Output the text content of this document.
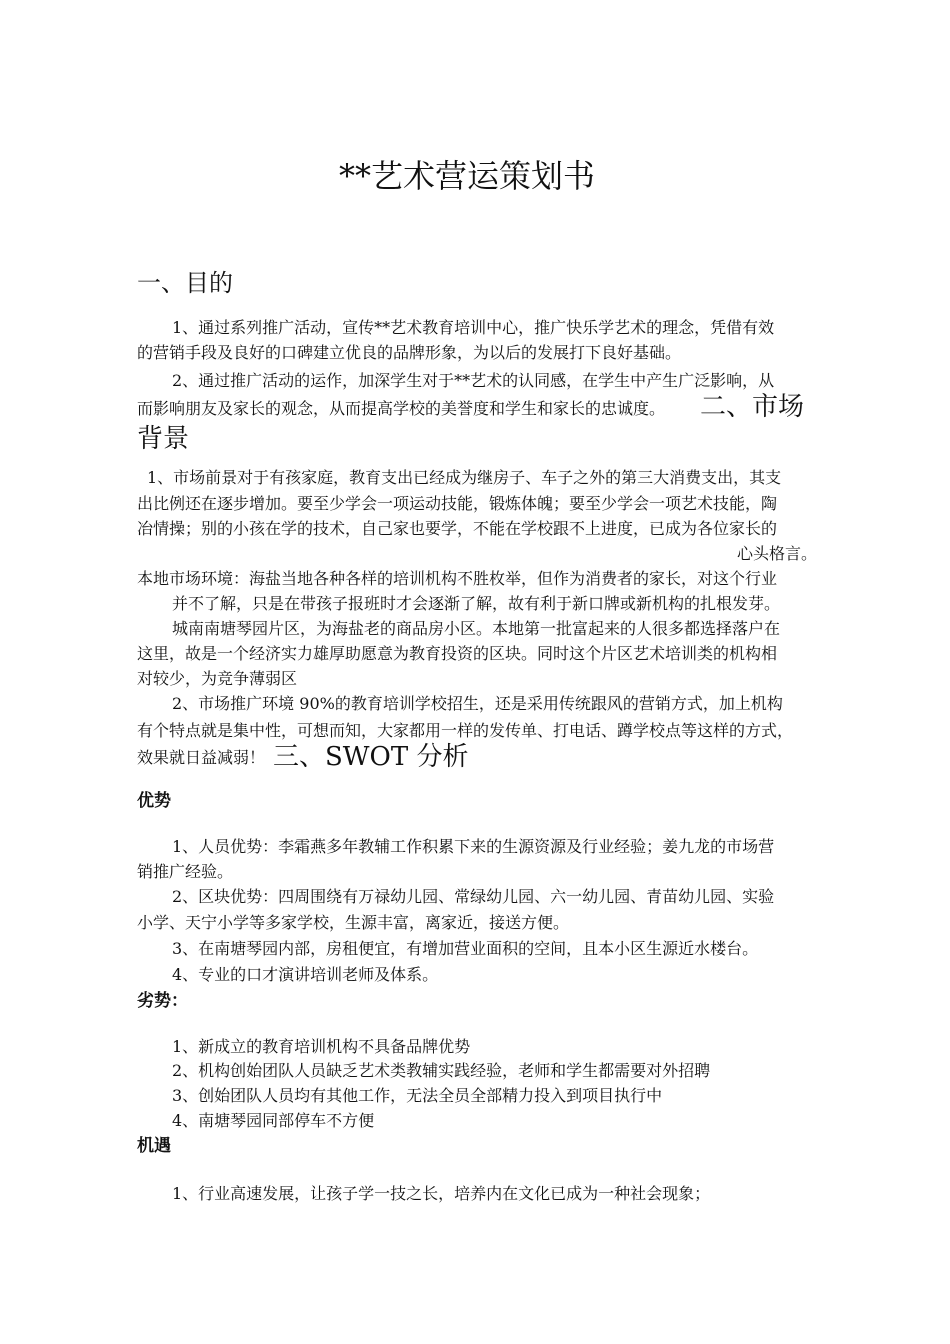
**艺术营运策划书
一、目的
1、通过系列推广活动，宣传**艺术教育培训中心，推广快乐学艺术的理念，凭借有效
的营销手段及良好的口碑建立优良的品牌形象，为以后的发展打下良好基础。
2、通过推广活动的运作，加深学生对于**艺术的认同感，在学生中产生广泛影响，从
而影响朋友及家长的观念，从而提高学校的美誉度和学生和家长的忠诚度。 二、市场
背景
1、市场前景对于有孩家庭，教育支出已经成为继房子、车子之外的第三大消费支出，其支
出比例还在逐步增加。要至少学会一项运动技能，锻炼体魄；要至少学会一项艺术技能，陶
冶情操；别的小孩在学的技术，自己家也要学，不能在学校跟不上进度，已成为各位家长的
心头格言。
本地市场环境：海盐当地各种各样的培训机构不胜枚举，但作为消费者的家长，对这个行业
并不了解，只是在带孩子报班时才会逐渐了解，故有利于新口牌或新机构的扎根发芽。
城南南塘琴园片区，为海盐老的商品房小区。本地第一批富起来的人很多都选择落户在
这里，故是一个经济实力雄厚助愿意为教育投资的区块。同时这个片区艺术培训类的机构相
对较少，为竞争薄弱区
2、市场推广环境 90%的教育培训学校招生，还是采用传统跟风的营销方式，加上机构
有个特点就是集中性，可想而知，大家都用一样的发传单、打电话、蹲学校点等这样的方式，
效果就日益减弱！ 三、SWOT 分析
优势
1、人员优势：李霜燕多年教辅工作积累下来的生源资源及行业经验；姜九龙的市场营
销推广经验。
2、区块优势：四周围绕有万禄幼儿园、常绿幼儿园、六一幼儿园、青苗幼儿园、实验
小学、天宁小学等多家学校，生源丰富，离家近，接送方便。
3、在南塘琴园内部，房租便宜，有增加营业面积的空间，且本小区生源近水楼台。
4、专业的口才演讲培训老师及体系。
劣势：
1、新成立的教育培训机构不具备品牌优势
2、机构创始团队人员缺乏艺术类教辅实践经验，老师和学生都需要对外招聘
3、创始团队人员均有其他工作，无法全员全部精力投入到项目执行中
4、南塘琴园同部停车不方便
机遇
1、行业高速发展，让孩子学一技之长，培养内在文化已成为一种社会现象；
